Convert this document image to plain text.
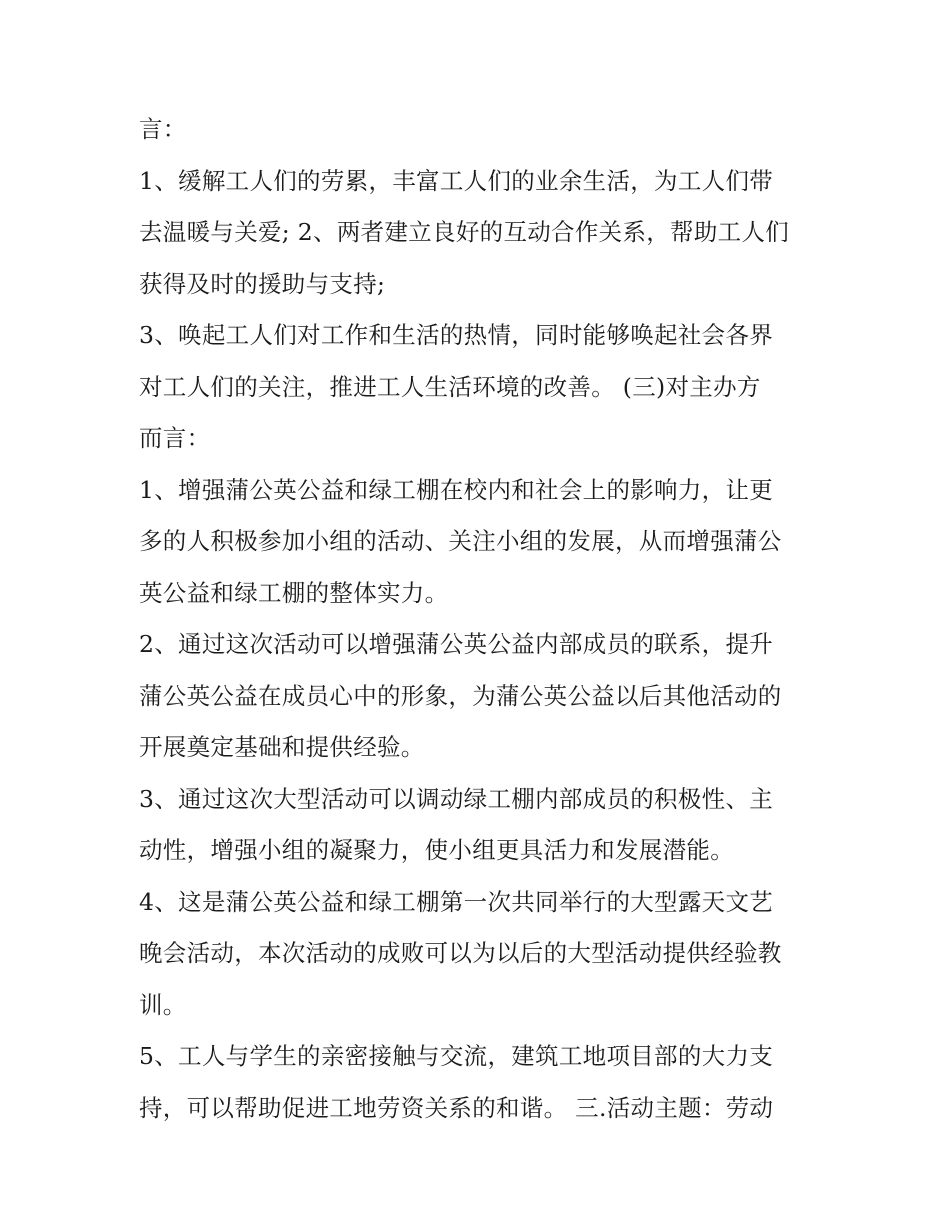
言：
1、缓解工人们的劳累，丰富工人们的业余生活，为工人们带
去温暖与关爱; 2、两者建立良好的互动合作关系，帮助工人们
获得及时的援助与支持;
3、唤起工人们对工作和生活的热情，同时能够唤起社会各界
对工人们的关注，推进工人生活环境的改善。 (三)对主办方
而言：
1、增强蒲公英公益和绿工棚在校内和社会上的影响力，让更
多的人积极参加小组的活动、关注小组的发展，从而增强蒲公
英公益和绿工棚的整体实力。
2、通过这次活动可以增强蒲公英公益内部成员的联系，提升
蒲公英公益在成员心中的形象，为蒲公英公益以后其他活动的
开展奠定基础和提供经验。
3、通过这次大型活动可以调动绿工棚内部成员的积极性、主
动性，增强小组的凝聚力，使小组更具活力和发展潜能。
4、这是蒲公英公益和绿工棚第一次共同举行的大型露天文艺
晚会活动，本次活动的成败可以为以后的大型活动提供经验教
训。
5、工人与学生的亲密接触与交流，建筑工地项目部的大力支
持，可以帮助促进工地劳资关系的和谐。 三.活动主题：劳动
